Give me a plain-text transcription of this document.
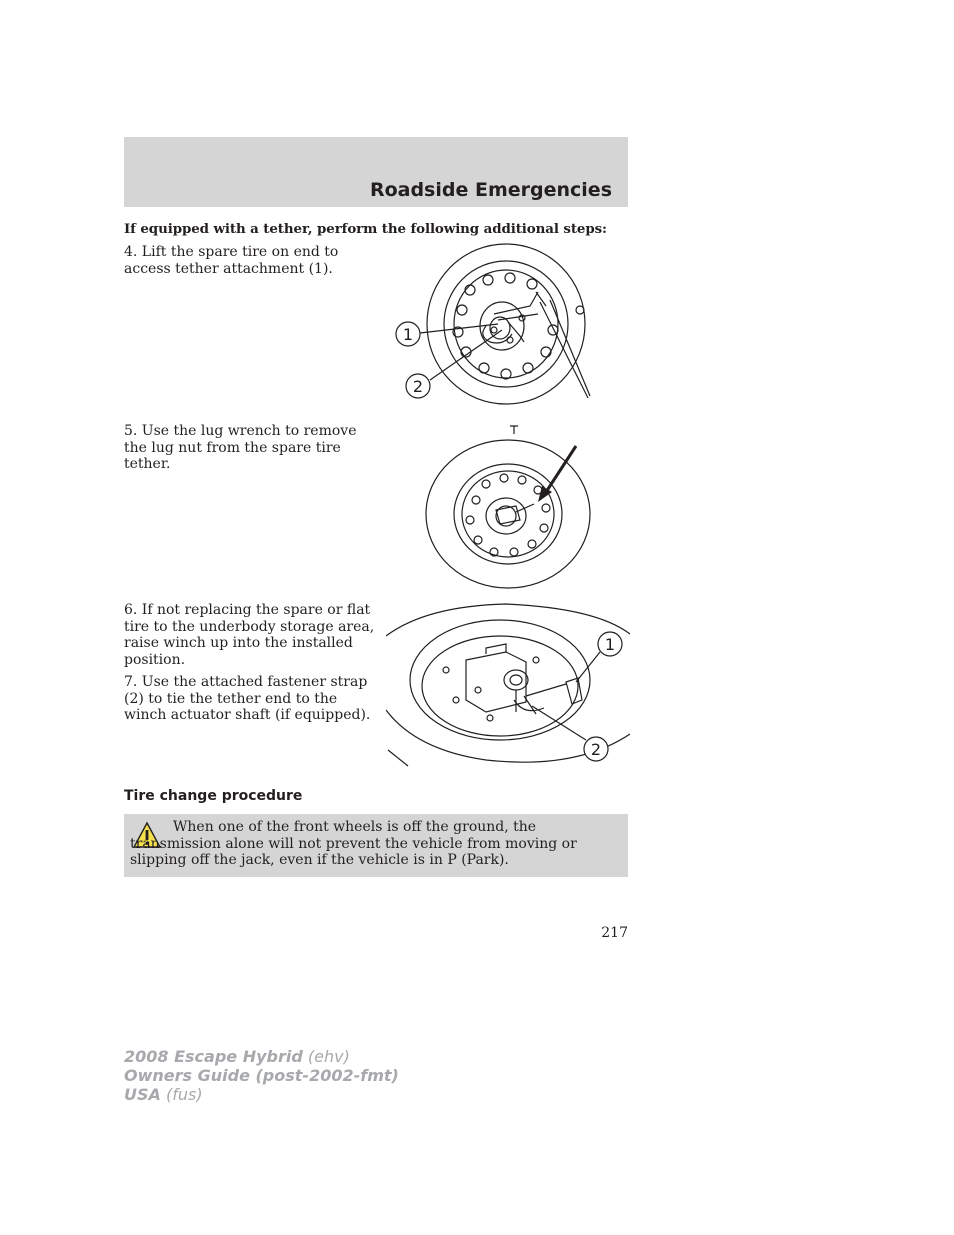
Roadside Emergencies
If equipped with a tether, perform the following additional steps:
4. Lift the spare tire on end to access tether attachment (1).
1
2
5. Use the lug wrench to remove the lug nut from the spare tire tether.
6. If not replacing the spare or flat tire to the underbody storage area, raise winch up into the installed position.
7. Use the attached fastener strap (2) to tie the tether end to the winch actuator shaft (if equipped).
1
2
Tire change procedure

When one of the front wheels is off the ground, the transmission alone will not prevent the vehicle from moving or slipping off the jack, even if the vehicle is in P (Park).

217
2008 Escape Hybrid (ehv)
Owners Guide (post-2002-fmt)
USA (fus)
